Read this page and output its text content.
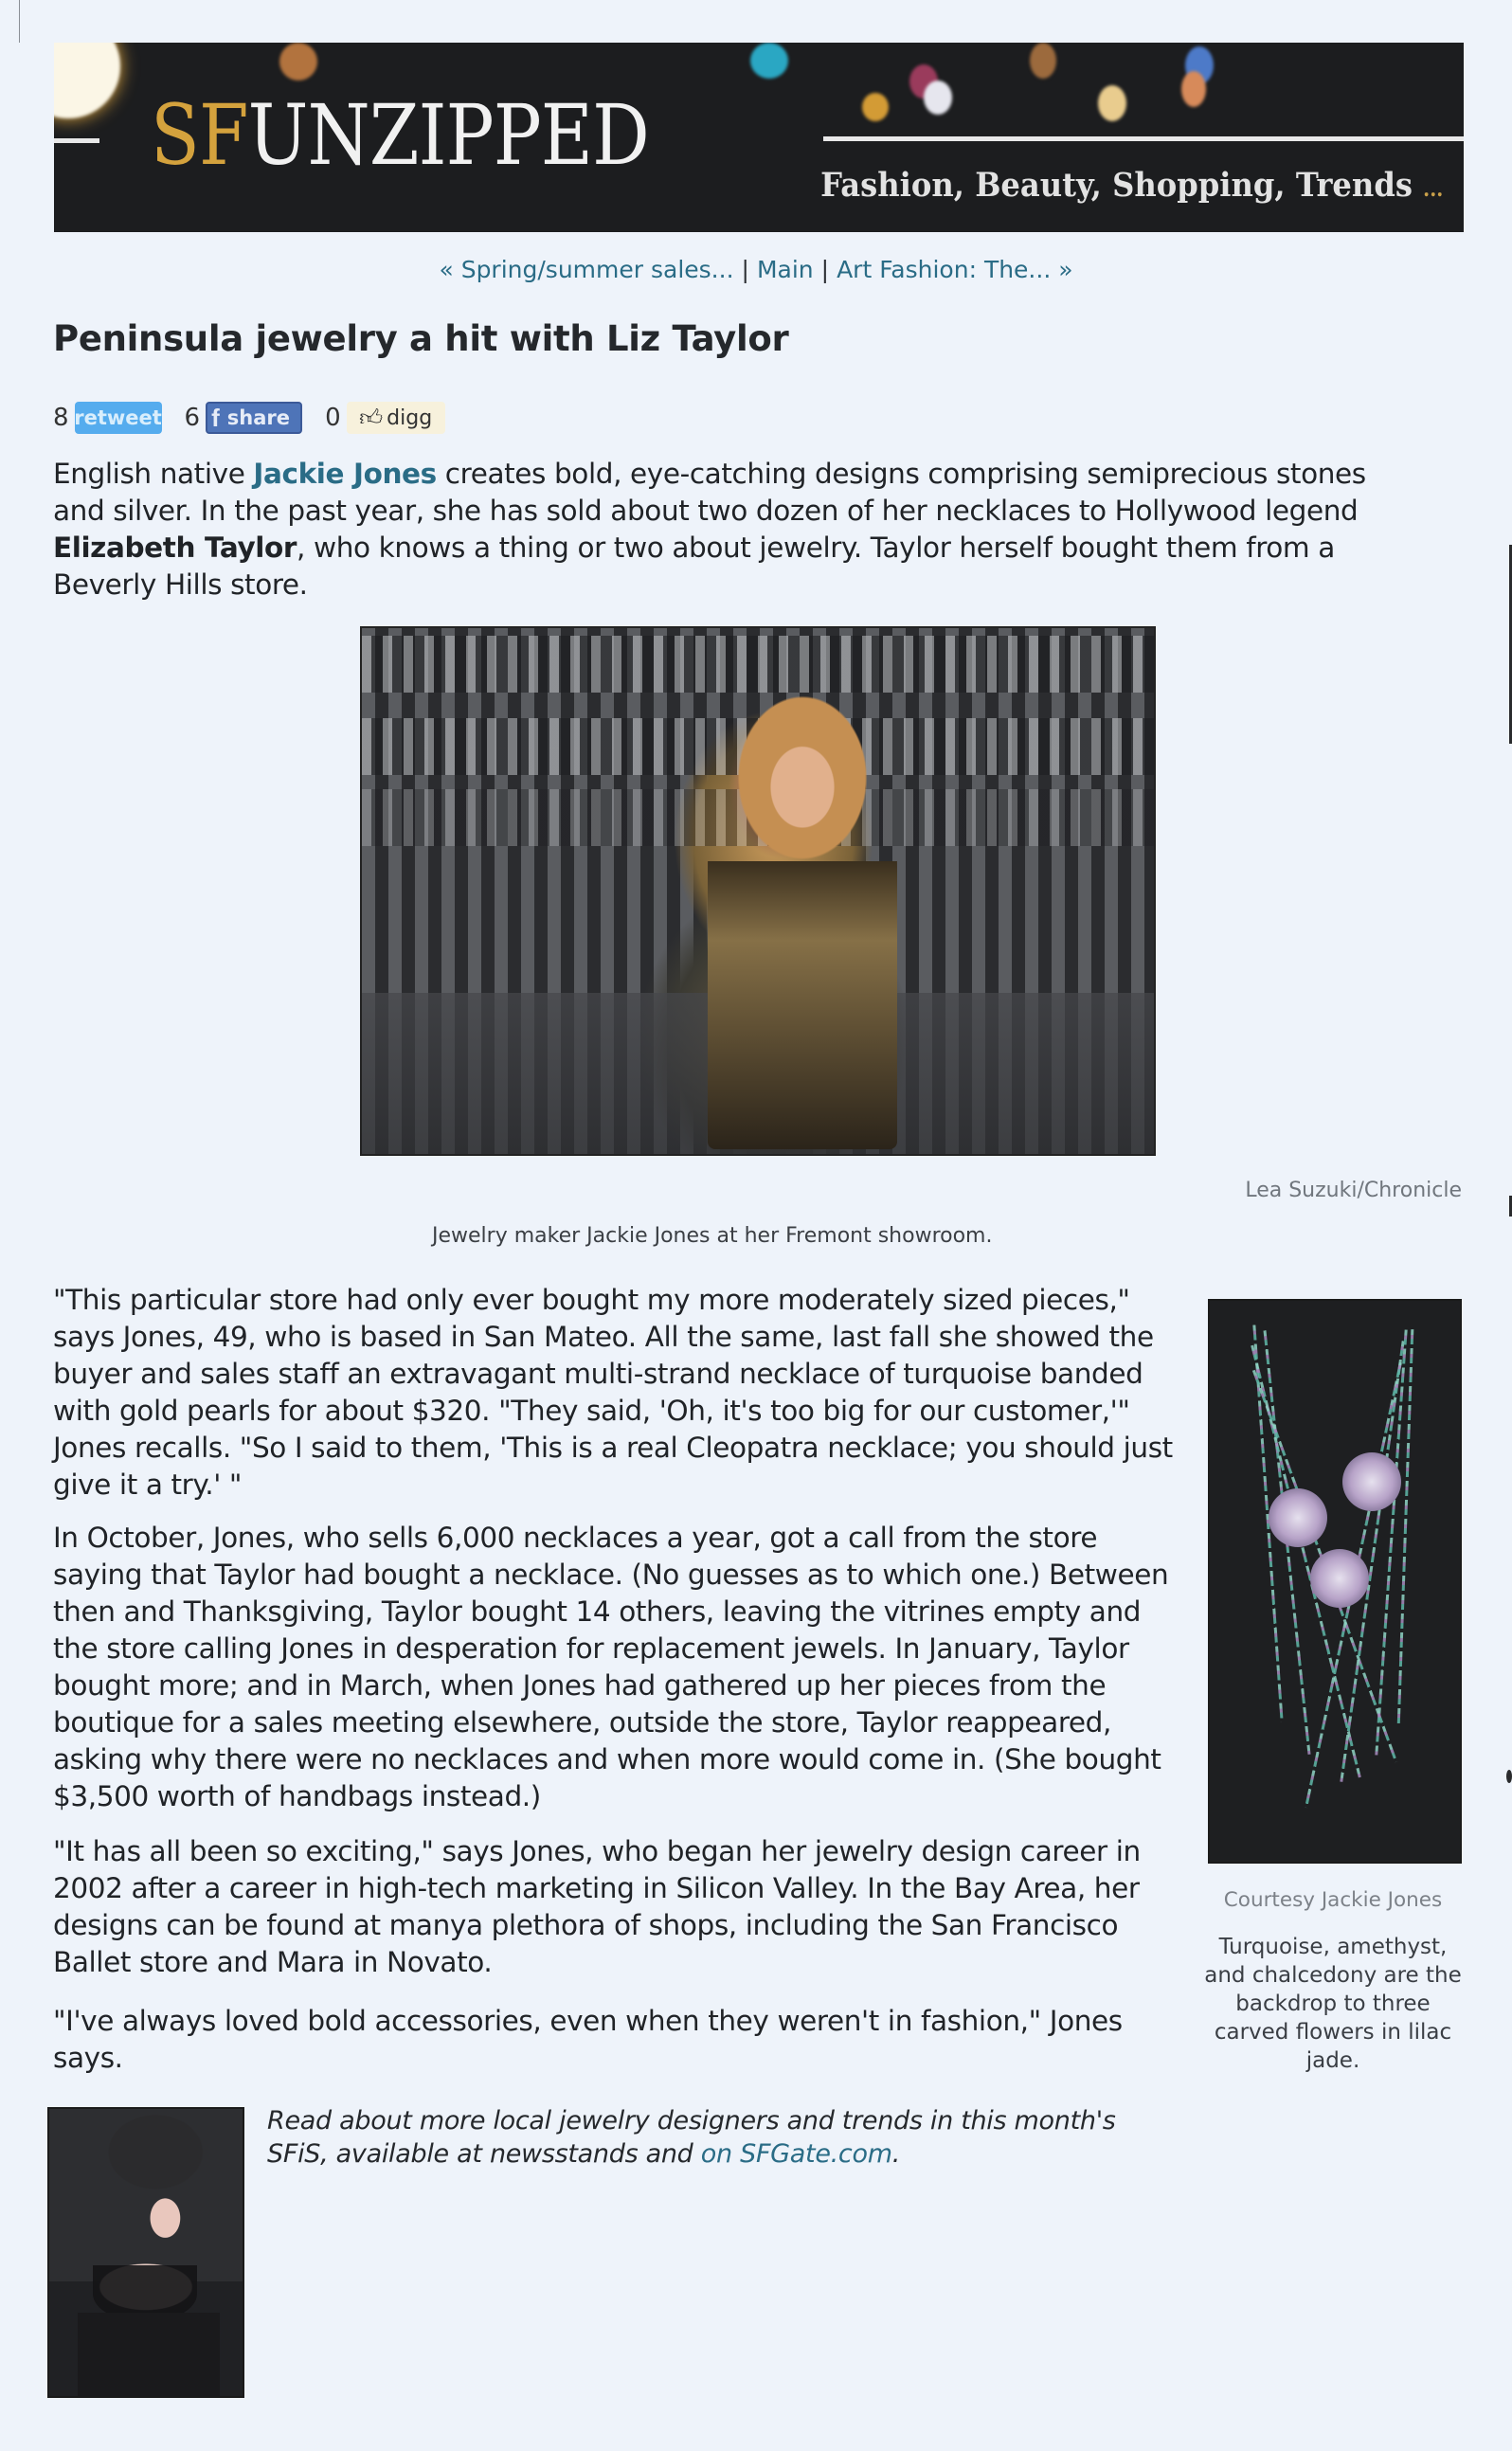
SFUNZIPPED
Fashion, Beauty, Shopping, Trends ...
« Spring/summer sales... | Main | Art Fashion: The... »
Peninsula jewelry a hit with Liz Taylor
8 retweet 6 f share 0 👍︎ digg

English native Jackie Jones creates bold, eye-catching designs comprising semiprecious stones and silver. In the past year, she has sold about two dozen of her necklaces to Hollywood legend Elizabeth Taylor, who knows a thing or two about jewelry. Taylor herself bought them from a Beverly Hills store.

Lea Suzuki/Chronicle
Jewelry maker Jackie Jones at her Fremont showroom.

"This particular store had only ever bought my more moderately sized pieces," says Jones, 49, who is based in San Mateo. All the same, last fall she showed the buyer and sales staff an extravagant multi-strand necklace of turquoise banded with gold pearls for about $320. "They said, 'Oh, it's too big for our customer,'" Jones recalls. "So I said to them, 'This is a real Cleopatra necklace; you should just give it a try.' "

In October, Jones, who sells 6,000 necklaces a year, got a call from the store saying that Taylor had bought a necklace. (No guesses as to which one.) Between then and Thanksgiving, Taylor bought 14 others, leaving the vitrines empty and the store calling Jones in desperation for replacement jewels. In January, Taylor bought more; and in March, when Jones had gathered up her pieces from the boutique for a sales meeting elsewhere, outside the store, Taylor reappeared, asking why there were no necklaces and when more would come in. (She bought $3,500 worth of handbags instead.)

"It has all been so exciting," says Jones, who began her jewelry design career in 2002 after a career in high-tech marketing in Silicon Valley. In the Bay Area, her designs can be found at manya plethora of shops, including the San Francisco Ballet store and Mara in Novato.

"I've always loved bold accessories, even when they weren't in fashion," Jones says.

Courtesy Jackie Jones

Turquoise, amethyst, and chalcedony are the backdrop to three carved flowers in lilac jade.

Read about more local jewelry designers and trends in this month's SFiS, available at newsstands and on SFGate.com.
